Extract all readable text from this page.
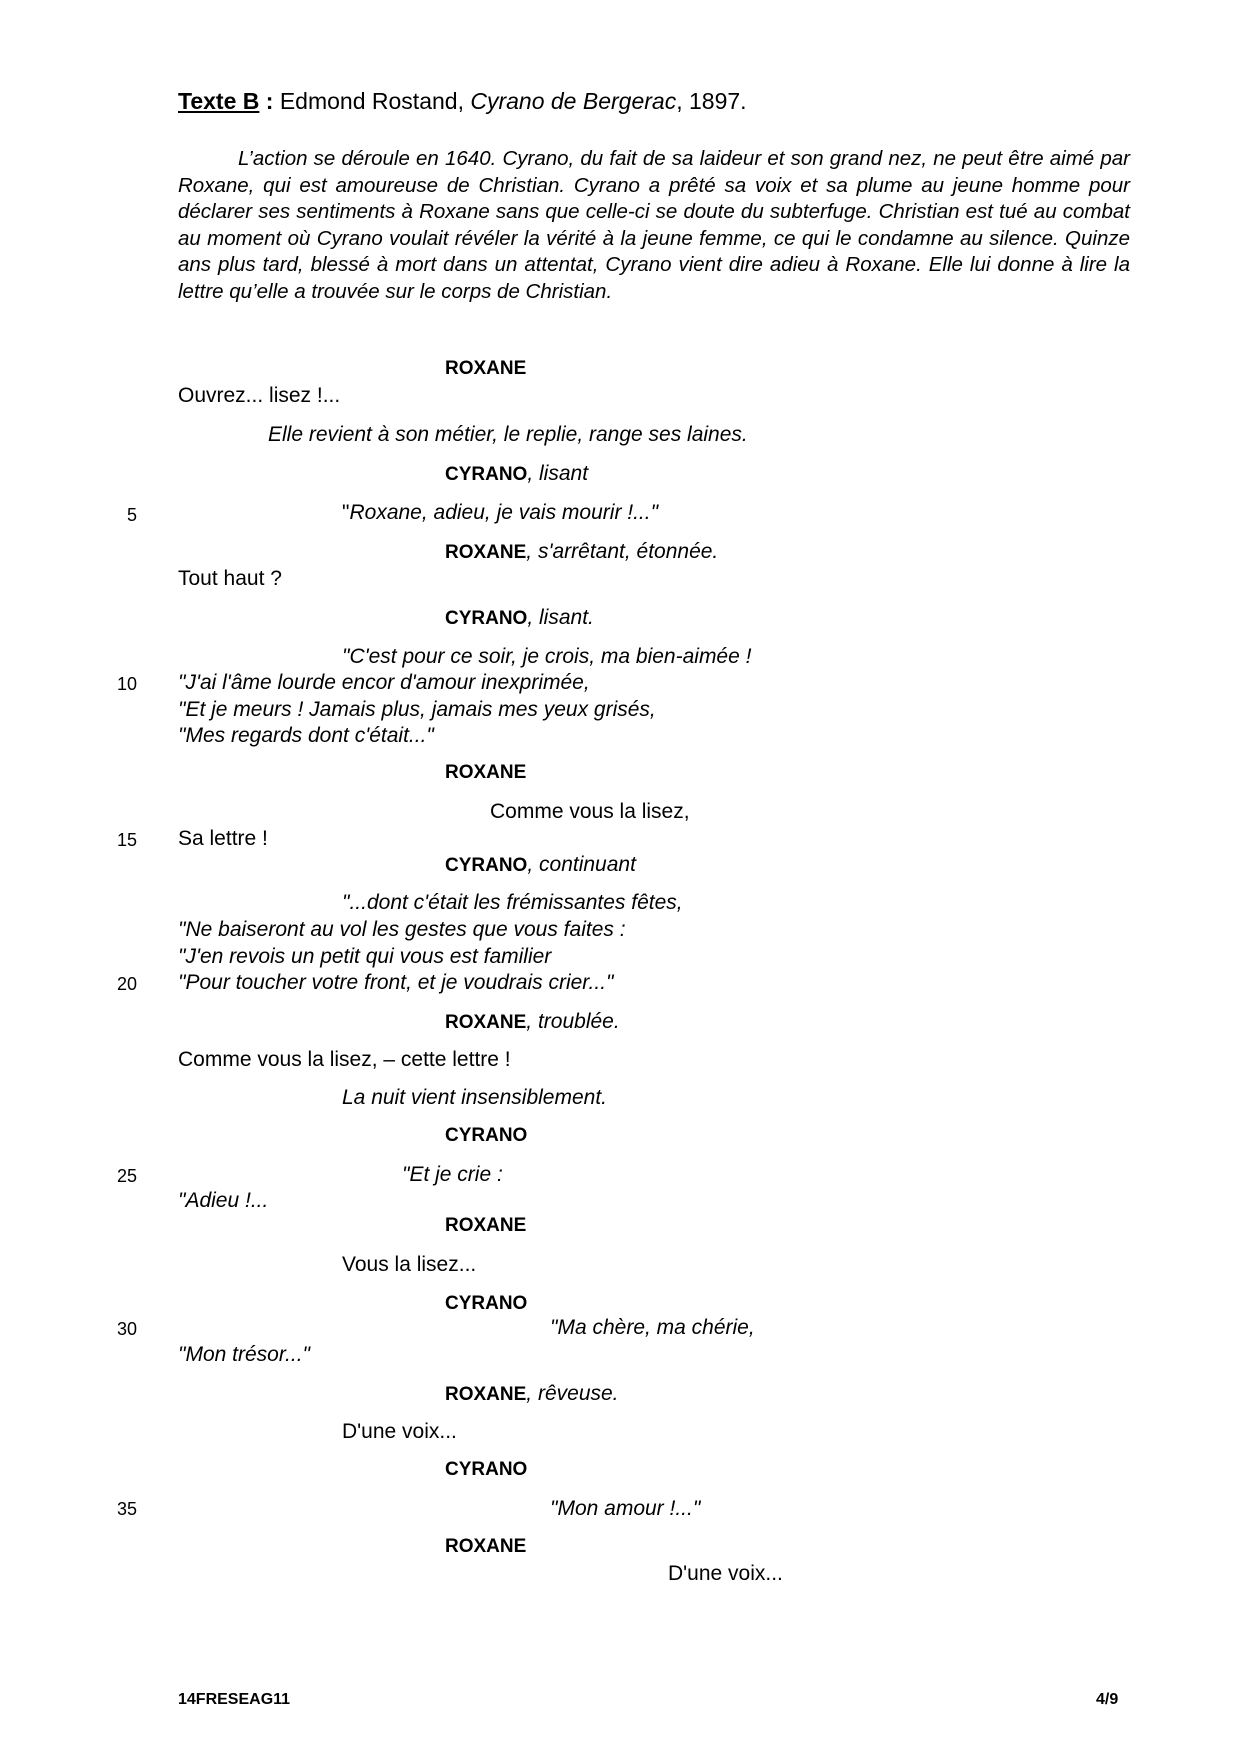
Texte B : Edmond Rostand, Cyrano de Bergerac, 1897.
L’action se déroule en 1640. Cyrano, du fait de sa laideur et son grand nez, ne peut être aimé par Roxane, qui est amoureuse de Christian. Cyrano a prêté sa voix et sa plume au jeune homme pour déclarer ses sentiments à Roxane sans que celle-ci se doute du subterfuge. Christian est tué au combat au moment où Cyrano voulait révéler la vérité à la jeune femme, ce qui le condamne au silence. Quinze ans plus tard, blessé à mort dans un attentat, Cyrano vient dire adieu à Roxane. Elle lui donne à lire la lettre qu’elle a trouvée sur le corps de Christian.
ROXANE
Ouvrez... lisez !...
Elle revient à son métier, le replie, range ses laines.
CYRANO, lisant
"Roxane, adieu, je vais mourir !..."
ROXANE, s'arrêtant, étonnée.
Tout haut ?
CYRANO, lisant.
"C'est pour ce soir, je crois, ma bien-aimée !
"J'ai l'âme lourde encor d'amour inexprimée,
"Et je meurs ! Jamais plus, jamais mes yeux grisés,
"Mes regards dont c'était..."
ROXANE
Comme vous la lisez,
Sa lettre !
CYRANO, continuant
"...dont c'était les frémissantes fêtes,
"Ne baiseront au vol les gestes que vous faites :
"J'en revois un petit qui vous est familier
"Pour toucher votre front, et je voudrais crier..."
ROXANE, troublée.
Comme vous la lisez, – cette lettre !
La nuit vient insensiblement.
CYRANO
"Et je crie :
"Adieu !...
ROXANE
Vous la lisez...
CYRANO
"Ma chère, ma chérie,
"Mon trésor..."
ROXANE, rêveuse.
D'une voix...
CYRANO
"Mon amour !..."
ROXANE
D'une voix...
5
10
15
20
25
30
35
14FRESEAG11	4/9
